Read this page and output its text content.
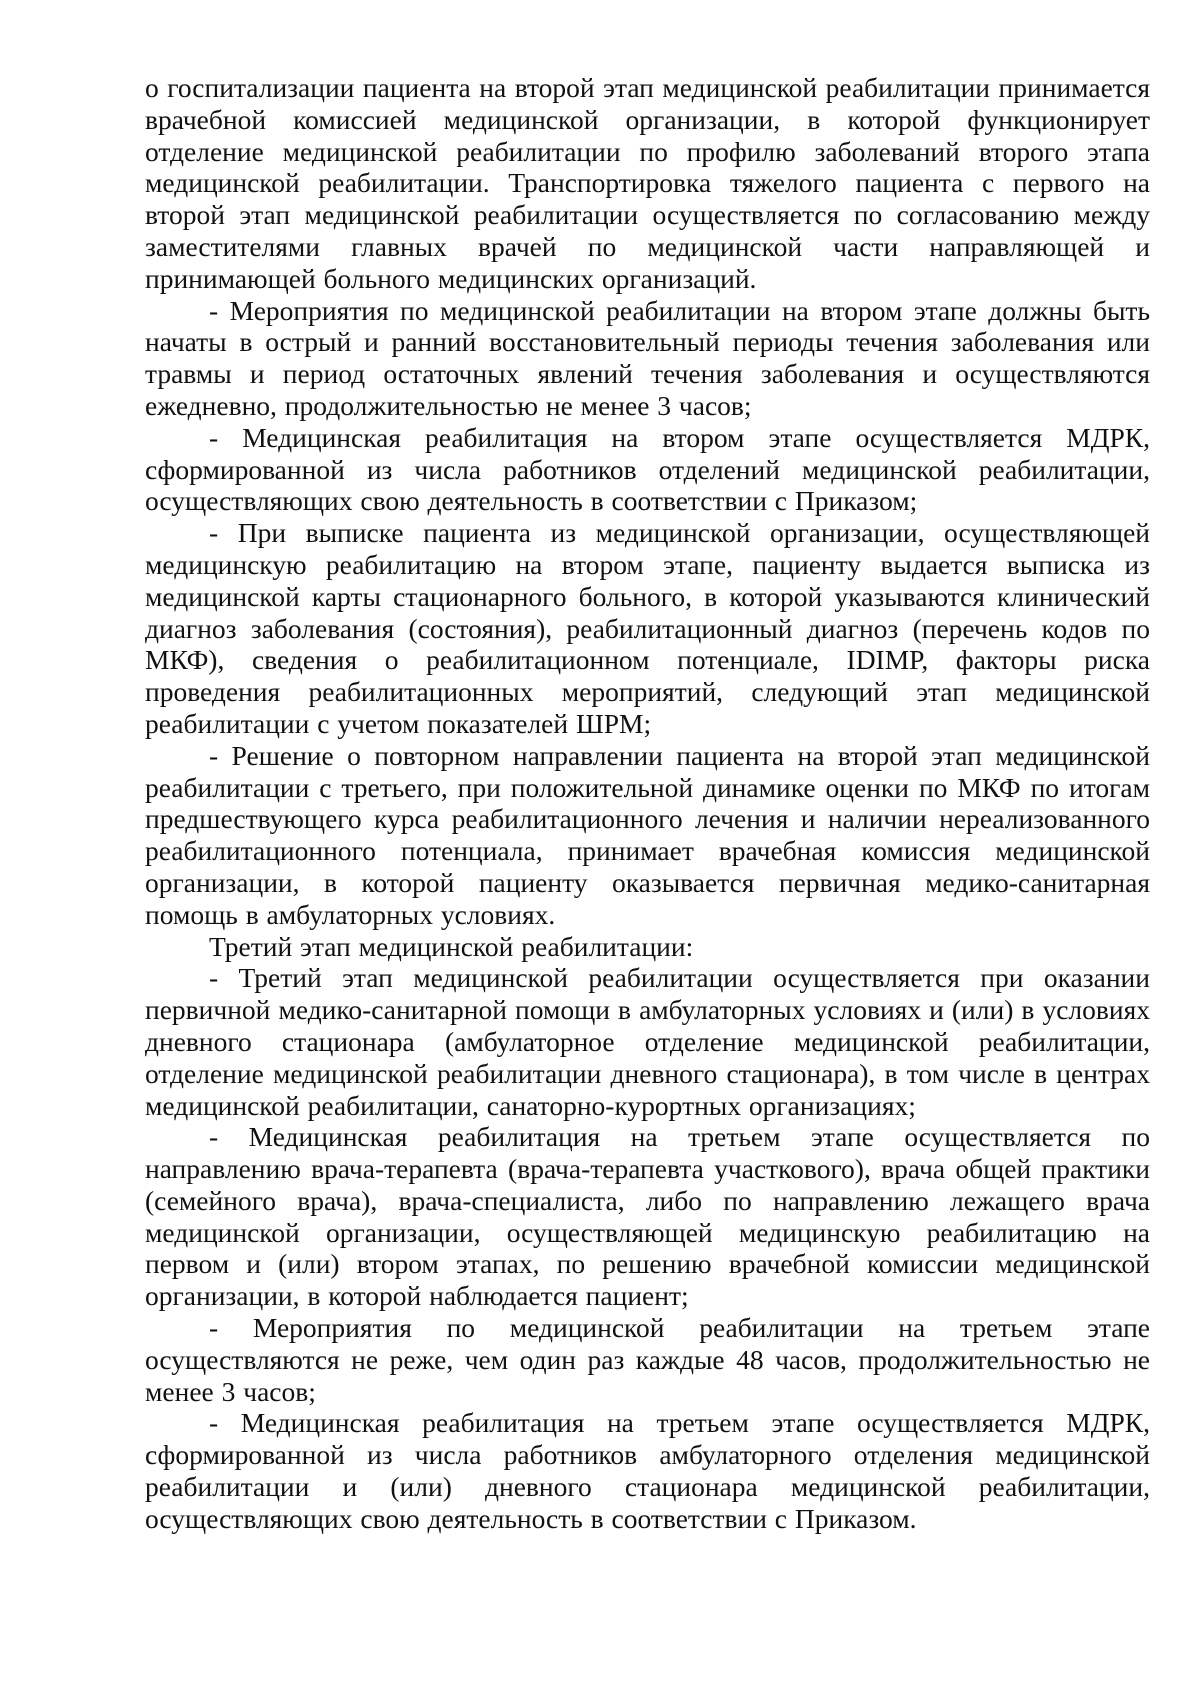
о госпитализации пациента на второй этап медицинской реабилитации принимается врачебной комиссией медицинской организации, в которой функционирует отделение медицинской реабилитации по профилю заболеваний второго этапа медицинской реабилитации. Транспортировка тяжелого пациента с первого на второй этап медицинской реабилитации осуществляется по согласованию между заместителями главных врачей по медицинской части направляющей и принимающей больного медицинских организаций.

- Мероприятия по медицинской реабилитации на втором этапе должны быть начаты в острый и ранний восстановительный периоды течения заболевания или травмы и период остаточных явлений течения заболевания и осуществляются ежедневно, продолжительностью не менее 3 часов;

- Медицинская реабилитация на втором этапе осуществляется МДРК, сформированной из числа работников отделений медицинской реабилитации, осуществляющих свою деятельность в соответствии с Приказом;

- При выписке пациента из медицинской организации, осуществляющей медицинскую реабилитацию на втором этапе, пациенту выдается выписка из медицинской карты стационарного больного, в которой указываются клинический диагноз заболевания (состояния), реабилитационный диагноз (перечень кодов по МКФ), сведения о реабилитационном потенциале, IDIMP, факторы риска проведения реабилитационных мероприятий, следующий этап медицинской реабилитации с учетом показателей ШРМ;

- Решение о повторном направлении пациента на второй этап медицинской реабилитации с третьего, при положительной динамике оценки по МКФ по итогам предшествующего курса реабилитационного лечения и наличии нереализованного реабилитационного потенциала, принимает врачебная комиссия медицинской организации, в которой пациенту оказывается первичная медико-санитарная помощь в амбулаторных условиях.

Третий этап медицинской реабилитации:

- Третий этап медицинской реабилитации осуществляется при оказании первичной медико-санитарной помощи в амбулаторных условиях и (или) в условиях дневного стационара (амбулаторное отделение медицинской реабилитации, отделение медицинской реабилитации дневного стационара), в том числе в центрах медицинской реабилитации, санаторно-курортных организациях;

- Медицинская реабилитация на третьем этапе осуществляется по направлению врача-терапевта (врача-терапевта участкового), врача общей практики (семейного врача), врача-специалиста, либо по направлению лежащего врача медицинской организации, осуществляющей медицинскую реабилитацию на первом и (или) втором этапах, по решению врачебной комиссии медицинской организации, в которой наблюдается пациент;

- Мероприятия по медицинской реабилитации на третьем этапе осуществляются не реже, чем один раз каждые 48 часов, продолжительностью не менее 3 часов;

- Медицинская реабилитация на третьем этапе осуществляется МДРК, сформированной из числа работников амбулаторного отделения медицинской реабилитации и (или) дневного стационара медицинской реабилитации, осуществляющих свою деятельность в соответствии с Приказом.
